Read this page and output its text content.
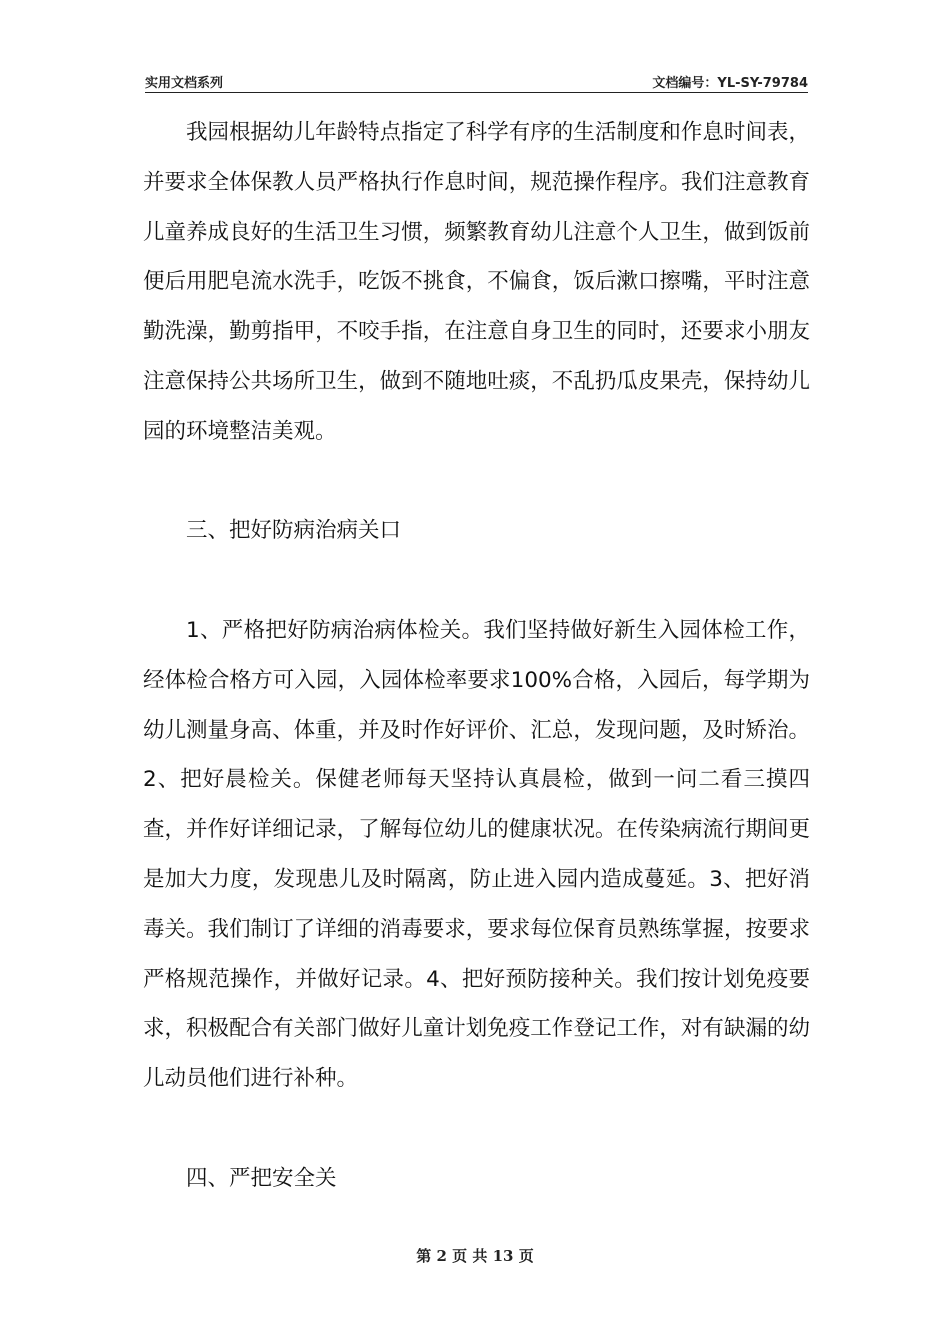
实用文档系列	文档编号：YL-SY-79784

我园根据幼儿年龄特点指定了科学有序的生活制度和作息时间表，并要求全体保教人员严格执行作息时间，规范操作程序。我们注意教育儿童养成良好的生活卫生习惯，频繁教育幼儿注意个人卫生，做到饭前便后用肥皂流水洗手，吃饭不挑食，不偏食，饭后漱口擦嘴，平时注意勤洗澡，勤剪指甲，不咬手指，在注意自身卫生的同时，还要求小朋友注意保持公共场所卫生，做到不随地吐痰，不乱扔瓜皮果壳，保持幼儿园的环境整洁美观。

三、把好防病治病关口

1、严格把好防病治病体检关。我们坚持做好新生入园体检工作，经体检合格方可入园，入园体检率要求100%合格，入园后，每学期为幼儿测量身高、体重，并及时作好评价、汇总，发现问题，及时矫治。2、把好晨检关。保健老师每天坚持认真晨检，做到一问二看三摸四查，并作好详细记录，了解每位幼儿的健康状况。在传染病流行期间更是加大力度，发现患儿及时隔离，防止进入园内造成蔓延。3、把好消毒关。我们制订了详细的消毒要求，要求每位保育员熟练掌握，按要求严格规范操作，并做好记录。4、把好预防接种关。我们按计划免疫要求，积极配合有关部门做好儿童计划免疫工作登记工作，对有缺漏的幼儿动员他们进行补种。

四、严把安全关

第 2 页 共 13 页
